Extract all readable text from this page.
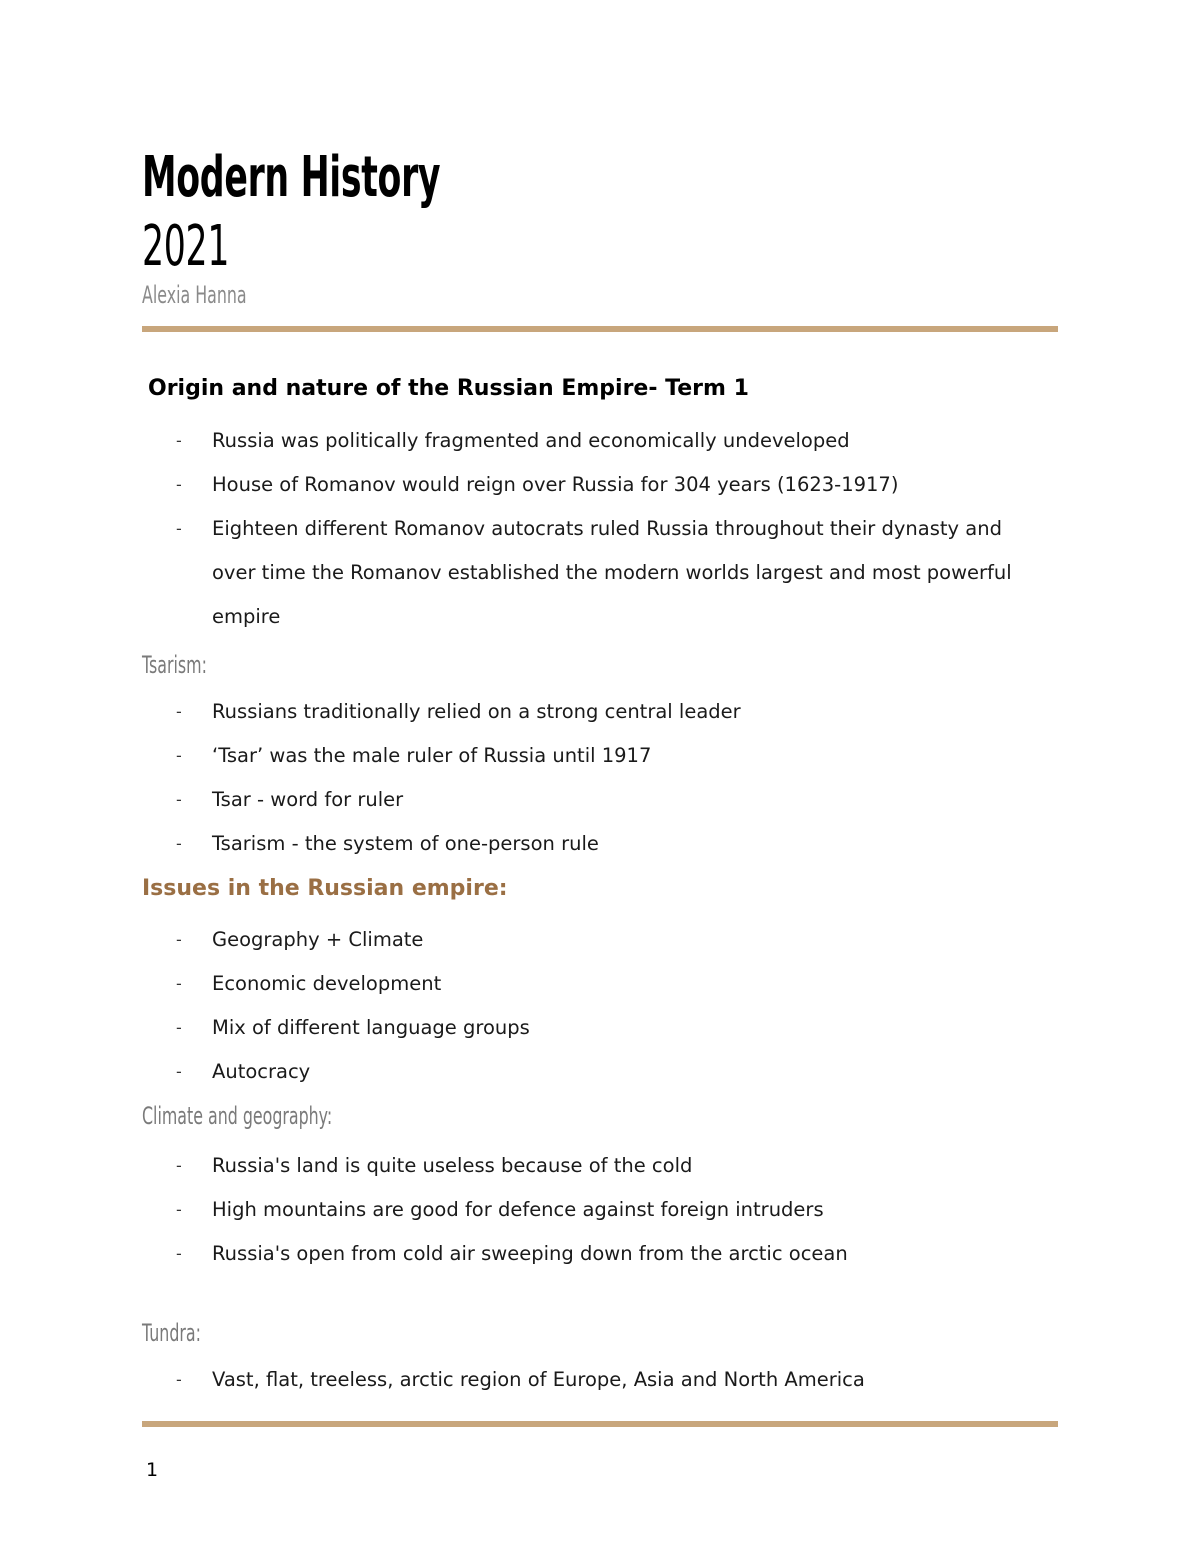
Modern History
2021
Alexia Hanna
Origin and nature of the Russian Empire- Term 1
- Russia was politically fragmented and economically undeveloped
- House of Romanov would reign over Russia for 304 years (1623-1917)
- Eighteen different Romanov autocrats ruled Russia throughout their dynasty and over time the Romanov established the modern worlds largest and most powerful empire
Tsarism:
- Russians traditionally relied on a strong central leader
- ‘Tsar’ was the male ruler of Russia until 1917
- Tsar - word for ruler
- Tsarism - the system of one-person rule
Issues in the Russian empire:
- Geography + Climate
- Economic development
- Mix of different language groups
- Autocracy
Climate and geography:
- Russia's land is quite useless because of the cold
- High mountains are good for defence against foreign intruders
- Russia's open from cold air sweeping down from the arctic ocean
Tundra:
- Vast, flat, treeless, arctic region of Europe, Asia and North America
1
